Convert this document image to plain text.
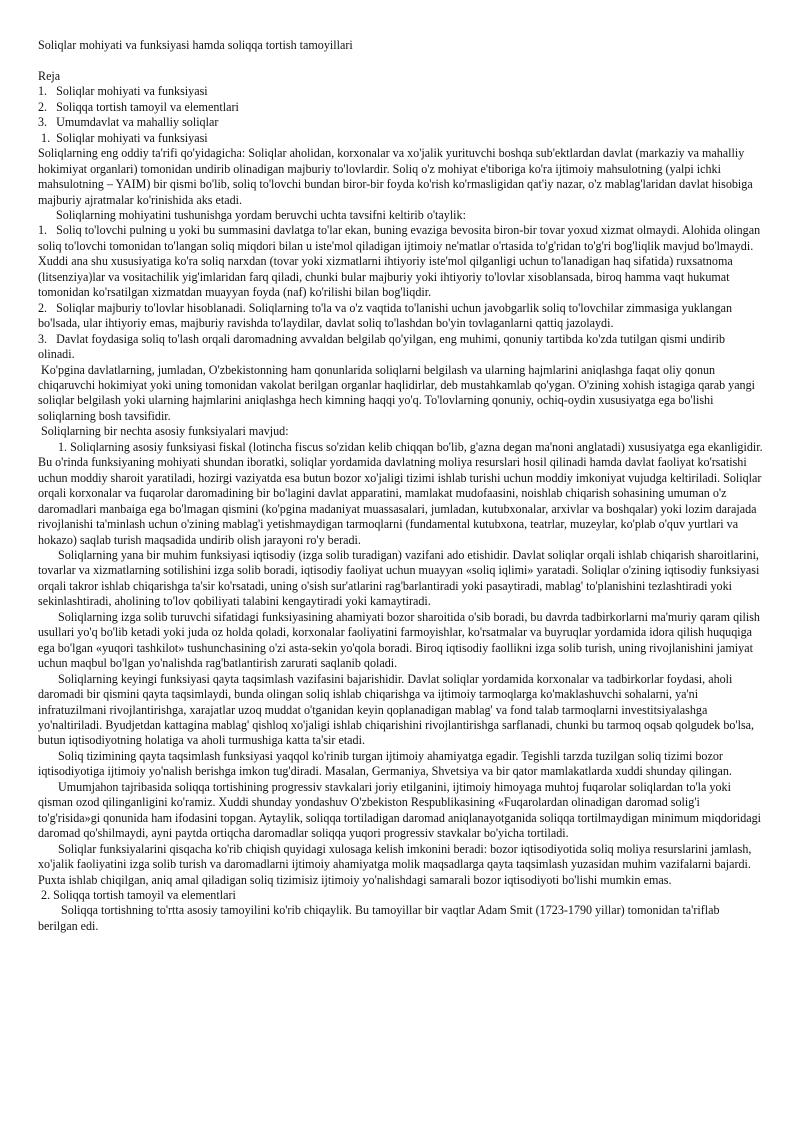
Soliqlar mohiyati va funksiyasi hamda soliqqa tortish tamoyillari

Reja

1.   Soliqlar mohiyati va funksiyasi

2.   Soliqqa tortish tamoyil va elementlari

3.   Umumdavlat va mahalliy soliqlar

1.  Soliqlar mohiyati va funksiyasi

Soliqlarning eng oddiy ta'rifi qo'yidagicha: Soliqlar aholidan, korxonalar va xo'jalik yurituvchi boshqa sub'ektlardan davlat (markaziy va mahalliy hokimiyat organlari) tomonidan undirib olinadigan majburiy to'lovlardir. Soliq o'z mohiyat e'tiboriga ko'ra ijtimoiy mahsulotning (yalpi ichki mahsulotning – YAIM) bir qismi bo'lib, soliq to'lovchi bundan biror-bir foyda ko'rish ko'rmasligidan qat'iy nazar, o'z mablag'laridan davlat hisobiga majburiy ajratmalar ko'rinishida aks etadi.

Soliqlarning mohiyatini tushunishga yordam beruvchi uchta tavsifni keltirib o'taylik:

1.   Soliq to'lovchi pulning u yoki bu summasini davlatga to'lar ekan, buning evaziga bevosita biron-bir tovar yoxud xizmat olmaydi. Alohida olingan soliq to'lovchi tomonidan to'langan soliq miqdori bilan u iste'mol qiladigan ijtimoiy ne'matlar o'rtasida to'g'ridan to'g'ri bog'liqlik mavjud bo'lmaydi. Xuddi ana shu xususiyatiga ko'ra soliq narxdan (tovar yoki xizmatlarni ihtiyoriy iste'mol qilganligi uchun to'lanadigan haq sifatida) ruxsatnoma (litsenziya)lar va vositachilik yig'imlaridan farq qiladi, chunki bular majburiy yoki ihtiyoriy to'lovlar xisoblansada, biroq hamma vaqt hukumat tomonidan ko'rsatilgan xizmatdan muayyan foyda (naf) ko'rilishi bilan bog'liqdir.

2.   Soliqlar majburiy to'lovlar hisoblanadi. Soliqlarning to'la va o'z vaqtida to'lanishi uchun javobgarlik soliq to'lovchilar zimmasiga yuklangan bo'lsada, ular ihtiyoriy emas, majburiy ravishda to'laydilar, davlat soliq to'lashdan bo'yin tovlaganlarni qattiq jazolaydi.

3.   Davlat foydasiga soliq to'lash orqali daromadning avvaldan belgilab qo'yilgan, eng muhimi, qonuniy tartibda ko'zda tutilgan qismi undirib olinadi.

Ko'pgina davlatlarning, jumladan, O'zbekistonning ham qonunlarida soliqlarni belgilash va ularning hajmlarini aniqlashga faqat oliy qonun chiqaruvchi hokimiyat yoki uning tomonidan vakolat berilgan organlar haqlidirlar, deb mustahkamlab qo'ygan. O'zining xohish istagiga qarab yangi soliqlar belgilash yoki ularning hajmlarini aniqlashga hech kimning haqqi yo'q. To'lovlarning qonuniy, ochiq-oydin xususiyatga ega bo'lishi soliqlarning bosh tavsifidir.

Soliqlarning bir nechta asosiy funksiyalari mavjud:

1. Soliqlarning asosiy funksiyasi fiskal (lotincha fiscus so'zidan kelib chiqqan bo'lib, g'azna degan ma'noni anglatadi) xususiyatga ega ekanligidir. Bu o'rinda funksiyaning mohiyati shundan iboratki, soliqlar yordamida davlatning moliya resurslari hosil qilinadi hamda davlat faoliyat ko'rsatishi uchun moddiy sharoit yaratiladi, hozirgi vaziyatda esa butun bozor xo'jaligi tizimi ishlab turishi uchun moddiy imkoniyat vujudga keltiriladi. Soliqlar orqali korxonalar va fuqarolar daromadining bir bo'lagini davlat apparatini, mamlakat mudofaasini, noishlab chiqarish sohasining umuman o'z daromadlari manbaiga ega bo'lmagan qismini (ko'pgina madaniyat muassasalari, jumladan, kutubxonalar, arxivlar va boshqalar) yoki lozim darajada rivojlanishi ta'minlash uchun o'zining mablag'i yetishmaydigan tarmoqlarni (fundamental kutubxona, teatrlar, muzeylar, ko'plab o'quv yurtlari va hokazo) saqlab turish maqsadida undirib olish jarayoni ro'y beradi.

Soliqlarning yana bir muhim funksiyasi iqtisodiy (izga solib turadigan) vazifani ado etishidir. Davlat soliqlar orqali ishlab chiqarish sharoitlarini, tovarlar va xizmatlarning sotilishini izga solib boradi, iqtisodiy faoliyat uchun muayyan «soliq iqlimi» yaratadi. Soliqlar o'zining iqtisodiy funksiyasi orqali takror ishlab chiqarishga ta'sir ko'rsatadi, uning o'sish sur'atlarini rag'barlantiradi yoki pasaytiradi, mablag' to'planishini tezlashtiradi yoki sekinlashtiradi, aholining to'lov qobiliyati talabini kengaytiradi yoki kamaytiradi.

Soliqlarning izga solib turuvchi sifatidagi funksiyasining ahamiyati bozor sharoitida o'sib boradi, bu davrda tadbirkorlarni ma'muriy qaram qilish usullari yo'q bo'lib ketadi yoki juda oz holda qoladi, korxonalar faoliyatini farmoyishlar, ko'rsatmalar va buyruqlar yordamida idora qilish huquqiga ega bo'lgan «yuqori tashkilot» tushunchasining o'zi asta-sekin yo'qola boradi. Biroq iqtisodiy faollikni izga solib turish, uning rivojlanishini jamiyat uchun maqbul bo'lgan yo'nalishda rag'batlantirish zarurati saqlanib qoladi.

Soliqlarning keyingi funksiyasi qayta taqsimlash vazifasini bajarishidir. Davlat soliqlar yordamida korxonalar va tadbirkorlar foydasi, aholi daromadi bir qismini qayta taqsimlaydi, bunda olingan soliq ishlab chiqarishga va ijtimoiy tarmoqlarga ko'maklashuvchi sohalarni, ya'ni infratuzilmani rivojlantirishga, xarajatlar uzoq muddat o'tganidan keyin qoplanadigan mablag' va fond talab tarmoqlarni investitsiyalashga yo'naltiriladi. Byudjetdan kattagina mablag' qishloq xo'jaligi ishlab chiqarishini rivojlantirishga sarflanadi, chunki bu tarmoq oqsab qolgudek bo'lsa, butun iqtisodiyotning holatiga va aholi turmushiga katta ta'sir etadi.

Soliq tizimining qayta taqsimlash funksiyasi yaqqol ko'rinib turgan ijtimoiy ahamiyatga egadir. Tegishli tarzda tuzilgan soliq tizimi bozor iqtisodiyotiga ijtimoiy yo'nalish berishga imkon tug'diradi. Masalan, Germaniya, Shvetsiya va bir qator mamlakatlarda xuddi shunday qilingan.

Umumjahon tajribasida soliqqa tortishining progressiv stavkalari joriy etilganini, ijtimoiy himoyaga muhtoj fuqarolar soliqlardan to'la yoki qisman ozod qilinganligini ko'ramiz. Xuddi shunday yondashuv O'zbekiston Respublikasining «Fuqarolardan olinadigan daromad solig'i to'g'risida»gi qonunida ham ifodasini topgan. Aytaylik, soliqqa tortiladigan daromad aniqlanayotganida soliqqa tortilmaydigan minimum miqdoridagi daromad qo'shilmaydi, ayni paytda ortiqcha daromadlar soliqqa yuqori progressiv stavkalar bo'yicha tortiladi.

Soliqlar funksiyalarini qisqacha ko'rib chiqish quyidagi xulosaga kelish imkonini beradi: bozor iqtisodiyotida soliq moliya resurslarini jamlash, xo'jalik faoliyatini izga solib turish va daromadlarni ijtimoiy ahamiyatga molik maqsadlarga qayta taqsimlash yuzasidan muhim vazifalarni bajardi. Puxta ishlab chiqilgan, aniq amal qiladigan soliq tizimisiz ijtimoiy yo'nalishdagi samarali bozor iqtisodiyoti bo'lishi mumkin emas.

2. Soliqqa tortish tamoyil va elementlari

Soliqqa tortishning to'rtta asosiy tamoyilini ko'rib chiqaylik. Bu tamoyillar bir vaqtlar Adam Smit (1723-1790 yillar) tomonidan ta'riflab  berilgan edi.
